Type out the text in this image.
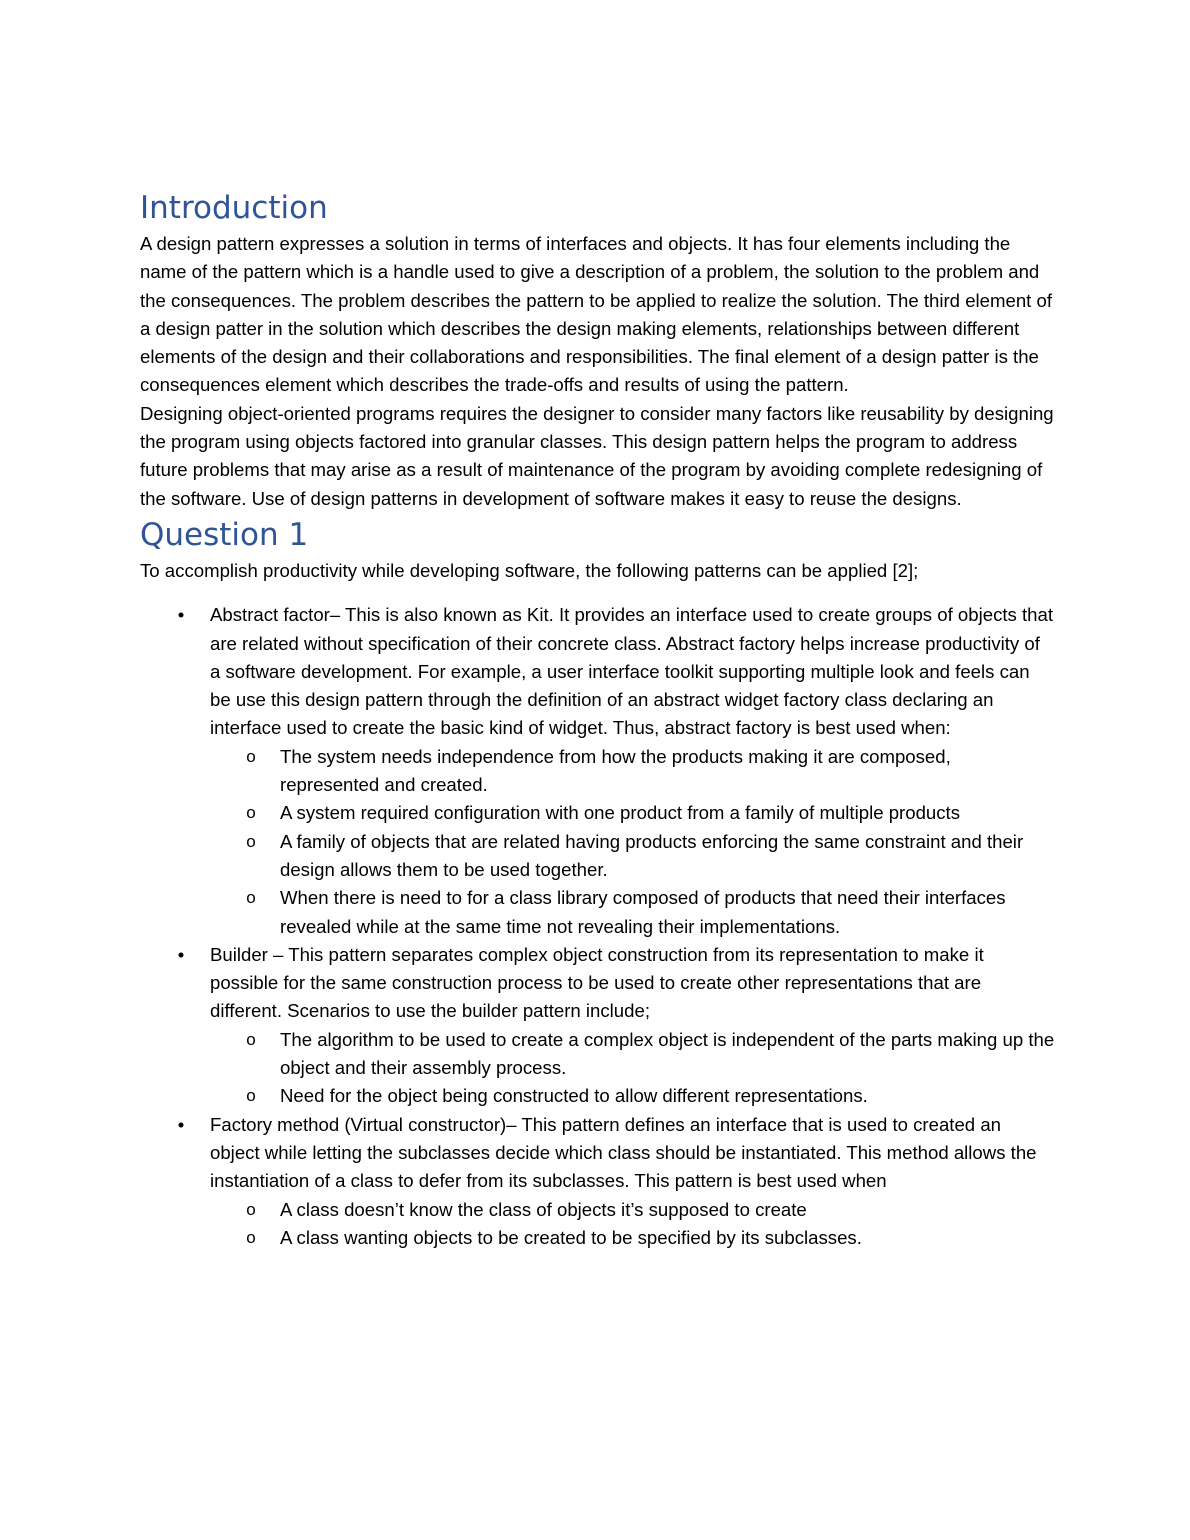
Introduction

A design pattern expresses a solution in terms of interfaces and objects. It has four elements including the name of the pattern which is a handle used to give a description of a problem, the solution to the problem and the consequences. The problem describes the pattern to be applied to realize the solution. The third element of a design patter in the solution which describes the design making elements, relationships between different elements of the design and their collaborations and responsibilities. The final element of a design patter is the consequences element which describes the trade-offs and results of using the pattern.

Designing object-oriented programs requires the designer to consider many factors like reusability by designing the program using objects factored into granular classes. This design pattern helps the program to address future problems that may arise as a result of maintenance of the program by avoiding complete redesigning of the software. Use of design patterns in development of software makes it easy to reuse the designs.

Question 1

To accomplish productivity while developing software, the following patterns can be applied [2];

• Abstract factor– This is also known as Kit. It provides an interface used to create groups of objects that are related without specification of their concrete class. Abstract factory helps increase productivity of a software development. For example, a user interface toolkit supporting multiple look and feels can be use this design pattern through the definition of an abstract widget factory class declaring an interface used to create the basic kind of widget. Thus, abstract factory is best used when:
o The system needs independence from how the products making it are composed, represented and created.
o A system required configuration with one product from a family of multiple products
o A family of objects that are related having products enforcing the same constraint and their design allows them to be used together.
o When there is need to for a class library composed of products that need their interfaces revealed while at the same time not revealing their implementations.
• Builder – This pattern separates complex object construction from its representation to make it possible for the same construction process to be used to create other representations that are different. Scenarios to use the builder pattern include;
o The algorithm to be used to create a complex object is independent of the parts making up the object and their assembly process.
o Need for the object being constructed to allow different representations.
• Factory method (Virtual constructor)– This pattern defines an interface that is used to created an object while letting the subclasses decide which class should be instantiated. This method allows the instantiation of a class to defer from its subclasses. This pattern is best used when
o A class doesn’t know the class of objects it’s supposed to create
o A class wanting objects to be created to be specified by its subclasses.
